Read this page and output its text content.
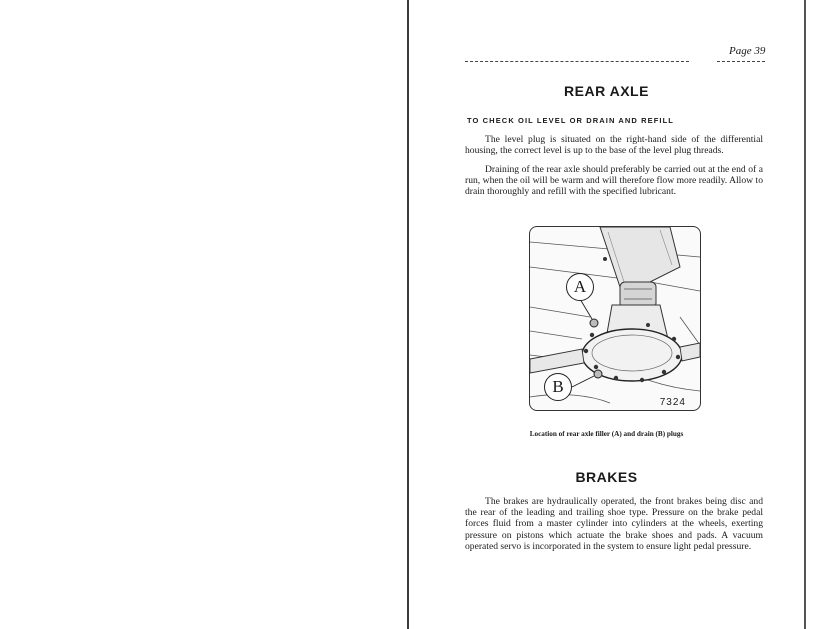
Page 39
REAR AXLE
TO CHECK OIL LEVEL OR DRAIN AND REFILL
The level plug is situated on the right-hand side of the differential housing, the correct level is up to the base of the level plug threads.
Draining of the rear axle should preferably be carried out at the end of a run, when the oil will be warm and will therefore flow more readily. Allow to drain thoroughly and refill with the specified lubricant.
A
B
7324
Location of rear axle filler (A) and drain (B) plugs
BRAKES
The brakes are hydraulically operated, the front brakes being disc and the rear of the leading and trailing shoe type. Pressure on the brake pedal forces fluid from a master cylinder into cylinders at the wheels, exerting pressure on pistons which actuate the brake shoes and pads. A vacuum operated servo is incorporated in the system to ensure light pedal pressure.
